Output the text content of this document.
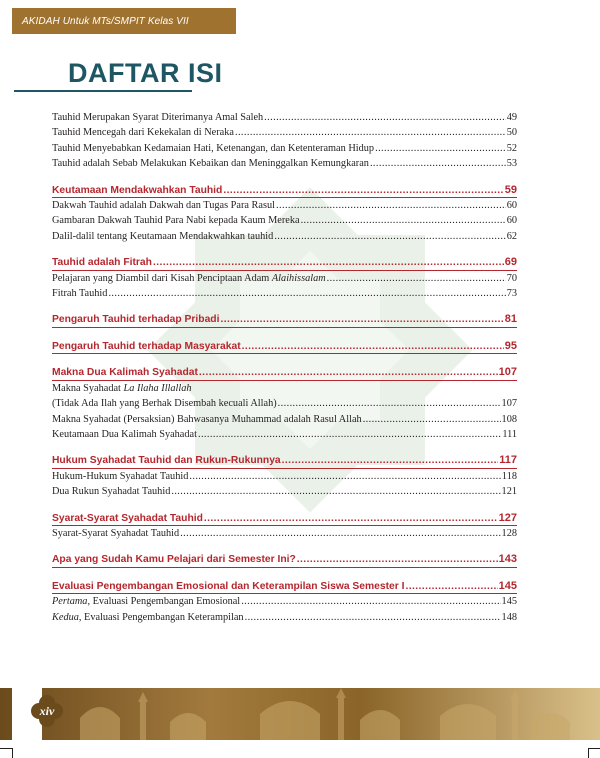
AKIDAH Untuk MTs/SMPIT Kelas VII
DAFTAR ISI
Tauhid Merupakan Syarat Diterimanya Amal Saleh .....	49
Tauhid Mencegah dari Kekekalan di Neraka .....	50
Tauhid Menyebabkan Kedamaian Hati, Ketenangan, dan Ketenteraman Hidup .....	52
Tauhid adalah Sebab Melakukan Kebaikan dan Meninggalkan Kemungkaran .....	53
Keutamaan Mendakwahkan Tauhid .....	59
Dakwah Tauhid adalah Dakwah dan Tugas Para Rasul .....	60
Gambaran Dakwah Tauhid Para Nabi kepada Kaum Mereka .....	60
Dalil-dalil tentang Keutamaan Mendakwahkan tauhid .....	62
Tauhid adalah Fitrah .....	69
Pelajaran yang Diambil dari Kisah Penciptaan Adam Alaihissalam .....	70
Fitrah Tauhid .....	73
Pengaruh Tauhid terhadap Pribadi .....	81
Pengaruh Tauhid terhadap Masyarakat .....	95
Makna Dua Kalimah Syahadat .....	107
Makna Syahadat La Ilaha Illallah
(Tidak Ada Ilah yang Berhak Disembah kecuali Allah) .....	107
Makna Syahadat (Persaksian) Bahwasanya Muhammad adalah Rasul Allah .....	108
Keutamaan Dua Kalimah Syahadat .....	111
Hukum Syahadat Tauhid dan Rukun-Rukunnya .....	117
Hukum-Hukum Syahadat Tauhid .....	118
Dua Rukun Syahadat Tauhid .....	121
Syarat-Syarat Syahadat Tauhid .....	127
Syarat-Syarat Syahadat Tauhid .....	128
Apa yang Sudah Kamu Pelajari dari Semester Ini? .....	143
Evaluasi Pengembangan Emosional dan Keterampilan Siswa Semester I .....	145
Pertama, Evaluasi Pengembangan Emosional .....	145
Kedua, Evaluasi Pengembangan Keterampilan .....	148
xiv
